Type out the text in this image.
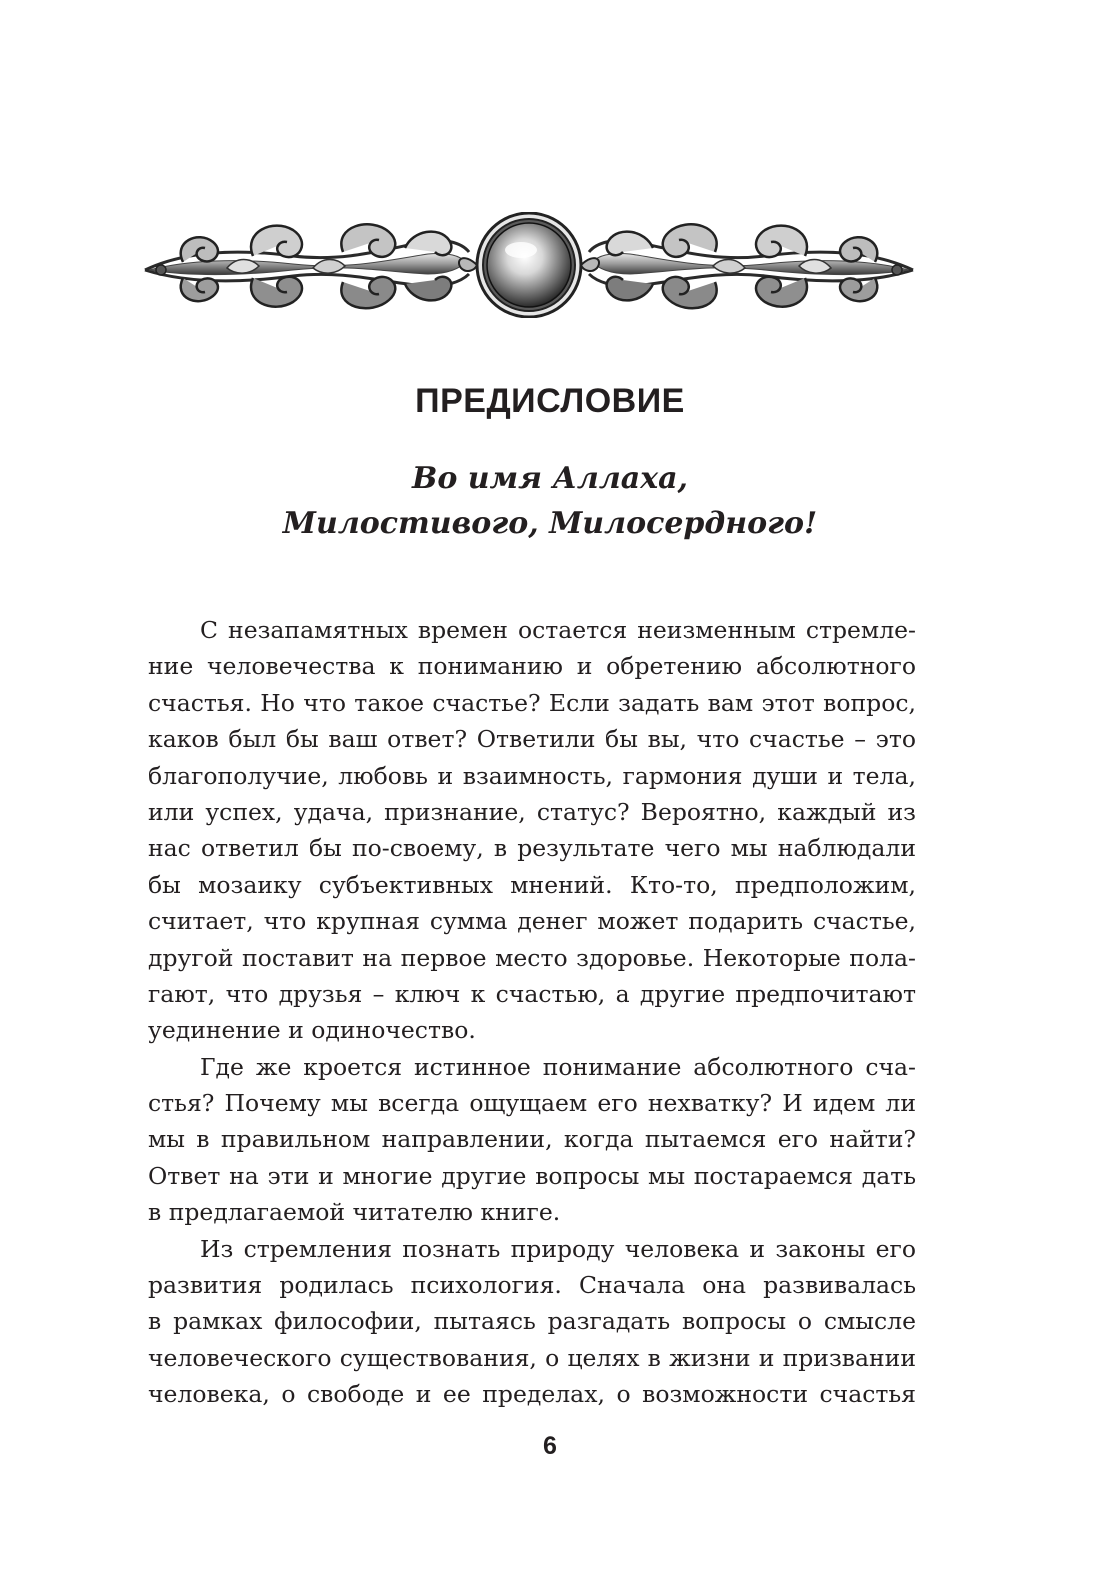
ПРЕДИСЛОВИЕ
Во имя Аллаха,
Милостивого, Милосердного!
С незапамятных времен остается неизменным стремле-
ние человечества к пониманию и обретению абсолютного
счастья. Но что такое счастье? Если задать вам этот вопрос,
каков был бы ваш ответ? Ответили бы вы, что счастье – это
благополучие, любовь и взаимность, гармония души и тела,
или успех, удача, признание, статус? Вероятно, каждый из
нас ответил бы по-своему, в результате чего мы наблюдали
бы мозаику субъективных мнений. Кто-то, предположим,
считает, что крупная сумма денег может подарить счастье,
другой поставит на первое место здоровье. Некоторые пола-
гают, что друзья – ключ к счастью, а другие предпочитают
уединение и одиночество.
Где же кроется истинное понимание абсолютного сча-
стья? Почему мы всегда ощущаем его нехватку? И идем ли
мы в правильном направлении, когда пытаемся его найти?
Ответ на эти и многие другие вопросы мы постараемся дать
в предлагаемой читателю книге.
Из стремления познать природу человека и законы его
развития родилась психология. Сначала она развивалась
в рамках философии, пытаясь разгадать вопросы о смысле
человеческого существования, о целях в жизни и призвании
человека, о свободе и ее пределах, о возможности счастья
6
